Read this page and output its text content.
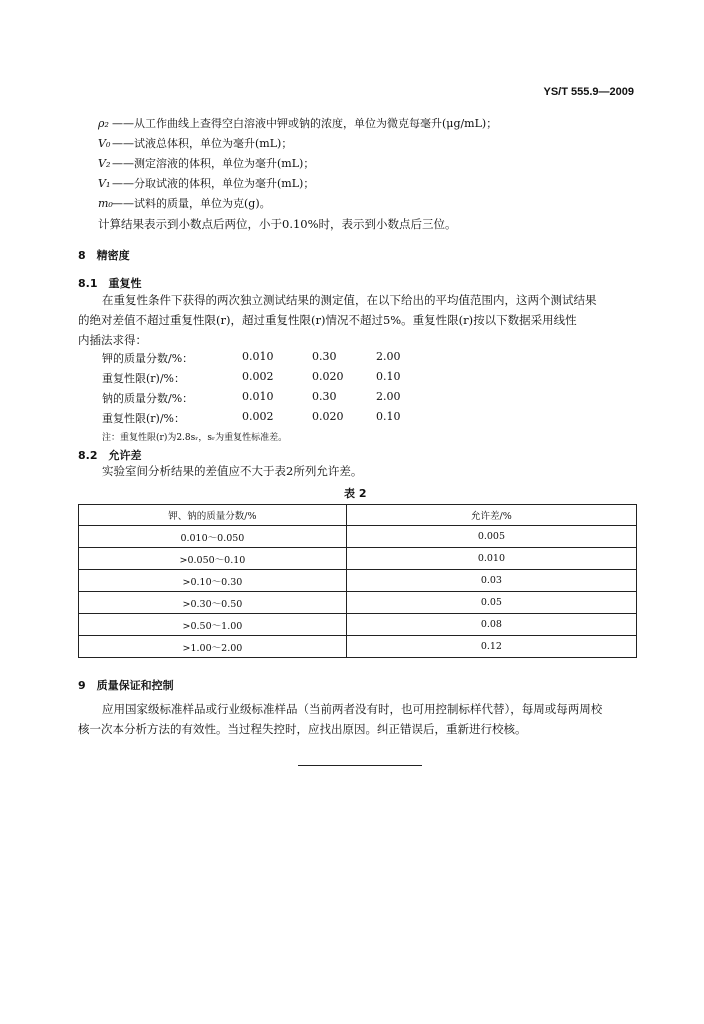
YS/T 555.9—2009
ρ₂ ——从工作曲线上查得空白溶液中钾或钠的浓度，单位为微克每毫升(μg/mL)；
V₀ ——试液总体积，单位为毫升(mL)；
V₂ ——测定溶液的体积，单位为毫升(mL)；
V₁ ——分取试液的体积，单位为毫升(mL)；
m₀——试料的质量，单位为克(g)。
计算结果表示到小数点后两位，小于0.10%时，表示到小数点后三位。
8　精密度
8.1　重复性
在重复性条件下获得的两次独立测试结果的测定值，在以下给出的平均值范围内，这两个测试结果
的绝对差值不超过重复性限(r)，超过重复性限(r)情况不超过5%。重复性限(r)按以下数据采用线性
内插法求得：
钾的质量分数/%：	0.010	0.30	2.00
重复性限(r)/%：	0.002	0.020	0.10
钠的质量分数/%：	0.010	0.30	2.00
重复性限(r)/%：	0.002	0.020	0.10
注：重复性限(r)为2.8sᵣ，sᵣ为重复性标准差。
8.2　允许差
实验室间分析结果的差值应不大于表2所列允许差。
表 2
钾、钠的质量分数/%	允许差/%
0.010～0.050	0.005
>0.050～0.10	0.010
>0.10～0.30	0.03
>0.30～0.50	0.05
>0.50～1.00	0.08
>1.00～2.00	0.12
9　质量保证和控制
应用国家级标准样品或行业级标准样品（当前两者没有时，也可用控制标样代替），每周或每两周校
核一次本分析方法的有效性。当过程失控时，应找出原因。纠正错误后，重新进行校核。
